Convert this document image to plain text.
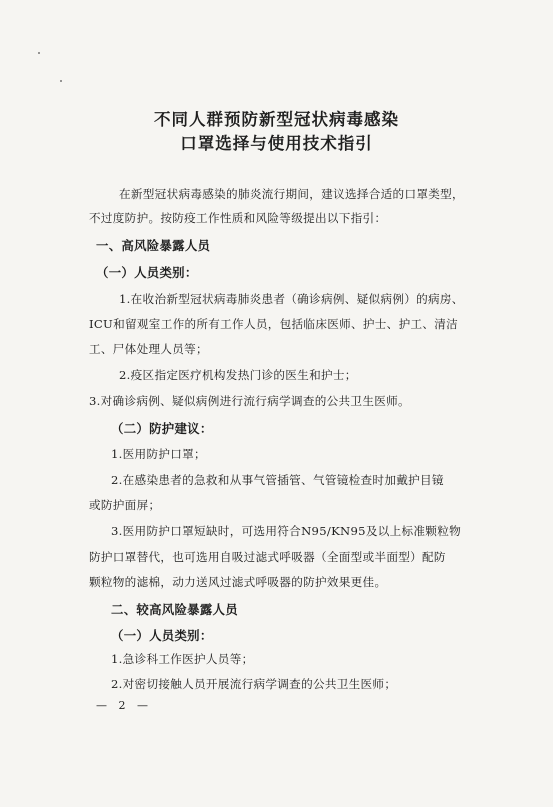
不同人群预防新型冠状病毒感染
口罩选择与使用技术指引
在新型冠状病毒感染的肺炎流行期间，建议选择合适的口罩类型，
不过度防护。按防疫工作性质和风险等级提出以下指引：
一、高风险暴露人员
（一）人员类别：
1.在收治新型冠状病毒肺炎患者（确诊病例、疑似病例）的病房、
ICU和留观室工作的所有工作人员，包括临床医师、护士、护工、清洁
工、尸体处理人员等；
2.疫区指定医疗机构发热门诊的医生和护士；
3.对确诊病例、疑似病例进行流行病学调查的公共卫生医师。
（二）防护建议：
1.医用防护口罩；
2.在感染患者的急救和从事气管插管、气管镜检查时加戴护目镜
或防护面屏；
3.医用防护口罩短缺时，可选用符合N95/KN95及以上标准颗粒物
防护口罩替代，也可选用自吸过滤式呼吸器（全面型或半面型）配防
颗粒物的滤棉，动力送风过滤式呼吸器的防护效果更佳。
二、较高风险暴露人员
（一）人员类别：
1.急诊科工作医护人员等；
2.对密切接触人员开展流行病学调查的公共卫生医师；
— 2 —
